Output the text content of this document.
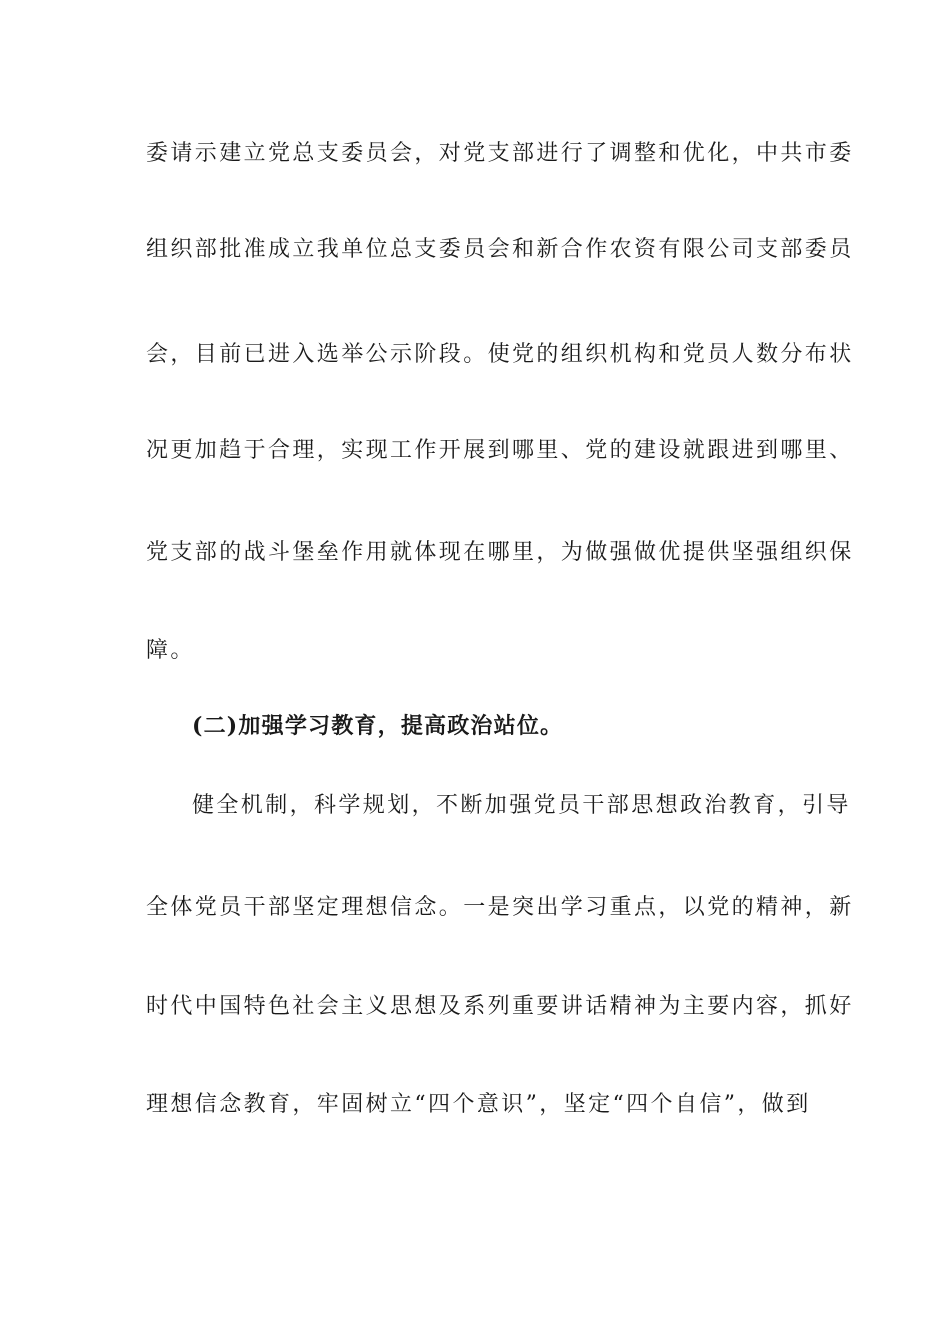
委请示建立党总支委员会，对党支部进行了调整和优化，中共市委
组织部批准成立我单位总支委员会和新合作农资有限公司支部委员
会，目前已进入选举公示阶段。使党的组织机构和党员人数分布状
况更加趋于合理，实现工作开展到哪里、党的建设就跟进到哪里、
党支部的战斗堡垒作用就体现在哪里，为做强做优提供坚强组织保
障。
(二)加强学习教育，提高政治站位。
健全机制，科学规划，不断加强党员干部思想政治教育，引导
全体党员干部坚定理想信念。一是突出学习重点，以党的精神，新
时代中国特色社会主义思想及系列重要讲话精神为主要内容，抓好
理想信念教育，牢固树立“四个意识”，坚定“四个自信”，做到
